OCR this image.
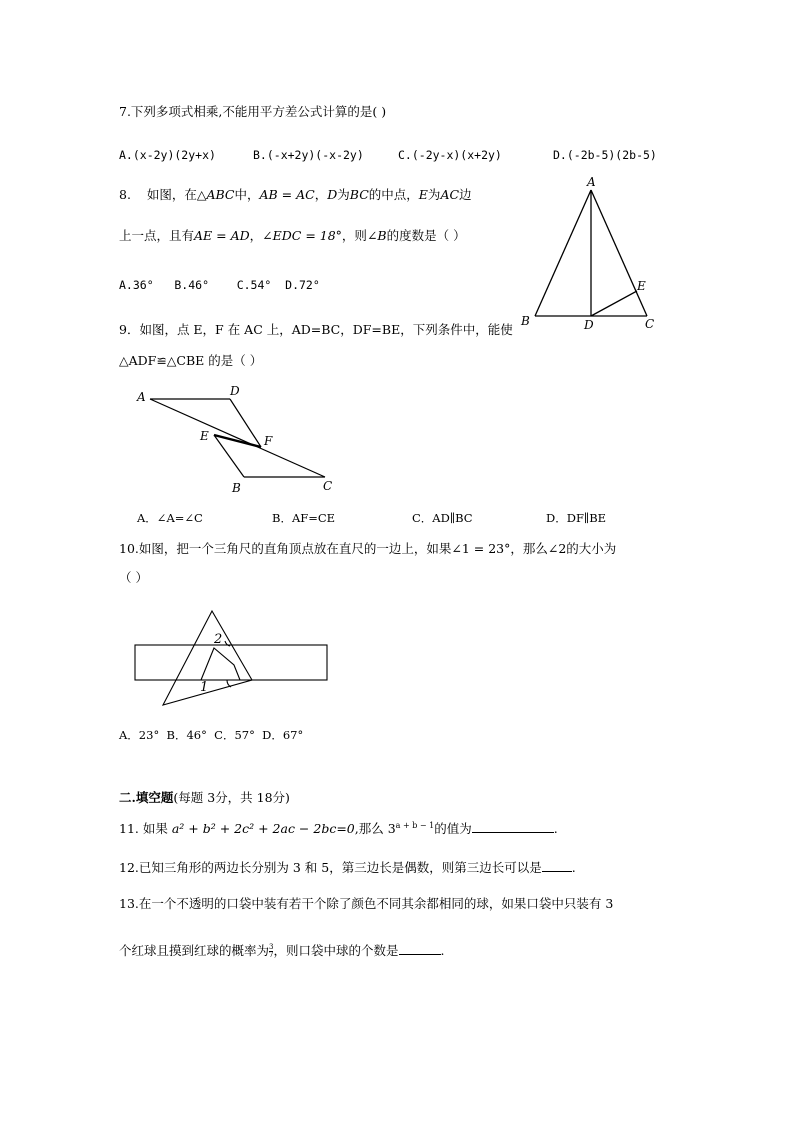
7.下列多项式相乘,不能用平方差公式计算的是( )
A.(x-2y)(2y+x)	B.(-x+2y)(-x-2y)	C.(-2y-x)(x+2y)	D.(-2b-5)(2b-5)
8. 如图，在△ABC中，AB = AC，D为BC的中点，E为AC边
上一点，且有AE = AD，∠EDC = 18°，则∠B的度数是（ ）
A.36°   B.46°    C.54°  D.72°
A
B	C
D
E
9．如图，点 E，F 在 AC 上，AD=BC，DF=BE，下列条件中，能使
△ADF≌△CBE 的是（ ）
A	D
E	F
B	C
A．∠A=∠C	B．AF=CE	C．AD∥BC	D．DF∥BE
10.如图，把一个三角尺的直角顶点放在直尺的一边上，如果∠1 = 23°，那么∠2的大小为
（ ）
2
1
A．23°  B．46°  C．57°  D．67°
二.填空题(每题 3分，共 18分)
11. 如果 a² + b² + 2c² + 2ac − 2bc=0,那么 $3^{a + b - 1}$的值为	.
12.已知三角形的两边长分别为 3 和 5，第三边长是偶数，则第三边长可以是 .
13.在一个不透明的口袋中装有若干个除了颜色不同其余都相同的球，如果口袋中只装有 3
个红球且摸到红球的概率为 $\frac{3}{7}$ ，则口袋中球的个数是	.
